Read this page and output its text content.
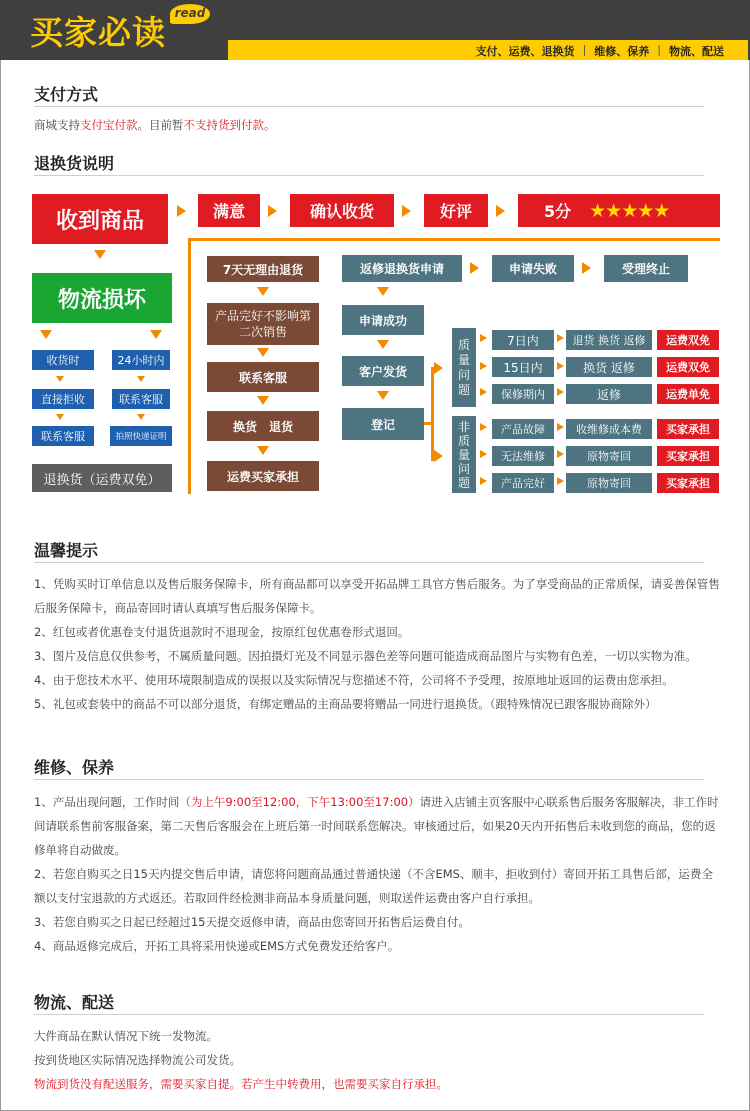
买家必读 read
支付、运费、退换货 | 维修、保养 | 物流、配送
支付方式
商城支持支付宝付款。目前暂不支持货到付款。
退换货说明
收到商品	满意	确认收货	好评	5分 ★★★★★
物流损坏
收货时	24小时内
直接拒收	联系客服
联系客服	拍照快递证明
退换货（运费双免）
7天无理由退货
产品完好不影响第二次销售
联系客服
换货 退货
运费买家承担
返修退换货申请	申请失败	受理终止
申请成功
客户发货
登记
质量问题
非质量问题
7日内	退货 换货 返修	运费双免
15日内	换货 返修	运费双免
保修期内	返修	运费单免
产品故障	收维修成本费	买家承担
无法维修	原物寄回	买家承担
产品完好	原物寄回	买家承担
温馨提示
1、凭购买时订单信息以及售后服务保障卡，所有商品都可以享受开拓品牌工具官方售后服务。为了享受商品的正常质保，请妥善保管售后服务保障卡，商品寄回时请认真填写售后服务保障卡。
2、红包或者优惠卷支付退货退款时不退现金，按原红包优惠卷形式退回。
3、图片及信息仅供参考，不属质量问题。因拍摄灯光及不同显示器色差等问题可能造成商品图片与实物有色差，一切以实物为准。
4、由于您技术水平、使用环境限制造成的误报以及实际情况与您描述不符，公司将不予受理，按原地址返回的运费由您承担。
5、礼包或套装中的商品不可以部分退货，有绑定赠品的主商品要将赠品一同进行退换货。（跟特殊情况已跟客服协商除外）
维修、保养
1、产品出现问题，工作时间（为上午9:00至12:00，下午13:00至17:00）请进入店铺主页客服中心联系售后服务客服解决，非工作时间请联系售前客服备案，第二天售后客服会在上班后第一时间联系您解决。审核通过后，如果20天内开拓售后未收到您的商品，您的返修单将自动做废。
2、若您自购买之日15天内提交售后申请，请您将问题商品通过普通快递（不含EMS、顺丰，拒收到付）寄回开拓工具售后部，运费全额以支付宝退款的方式返还。若取回件经检测非商品本身质量问题，则取送件运费由客户自行承担。
3、若您自购买之日起已经超过15天提交返修申请，商品由您寄回开拓售后运费自付。
4、商品返修完成后，开拓工具将采用快递或EMS方式免费发还给客户。
物流、配送
大件商品在默认情况下统一发物流。
按到货地区实际情况选择物流公司发货。
物流到货没有配送服务，需要买家自提。若产生中转费用，也需要买家自行承担。
